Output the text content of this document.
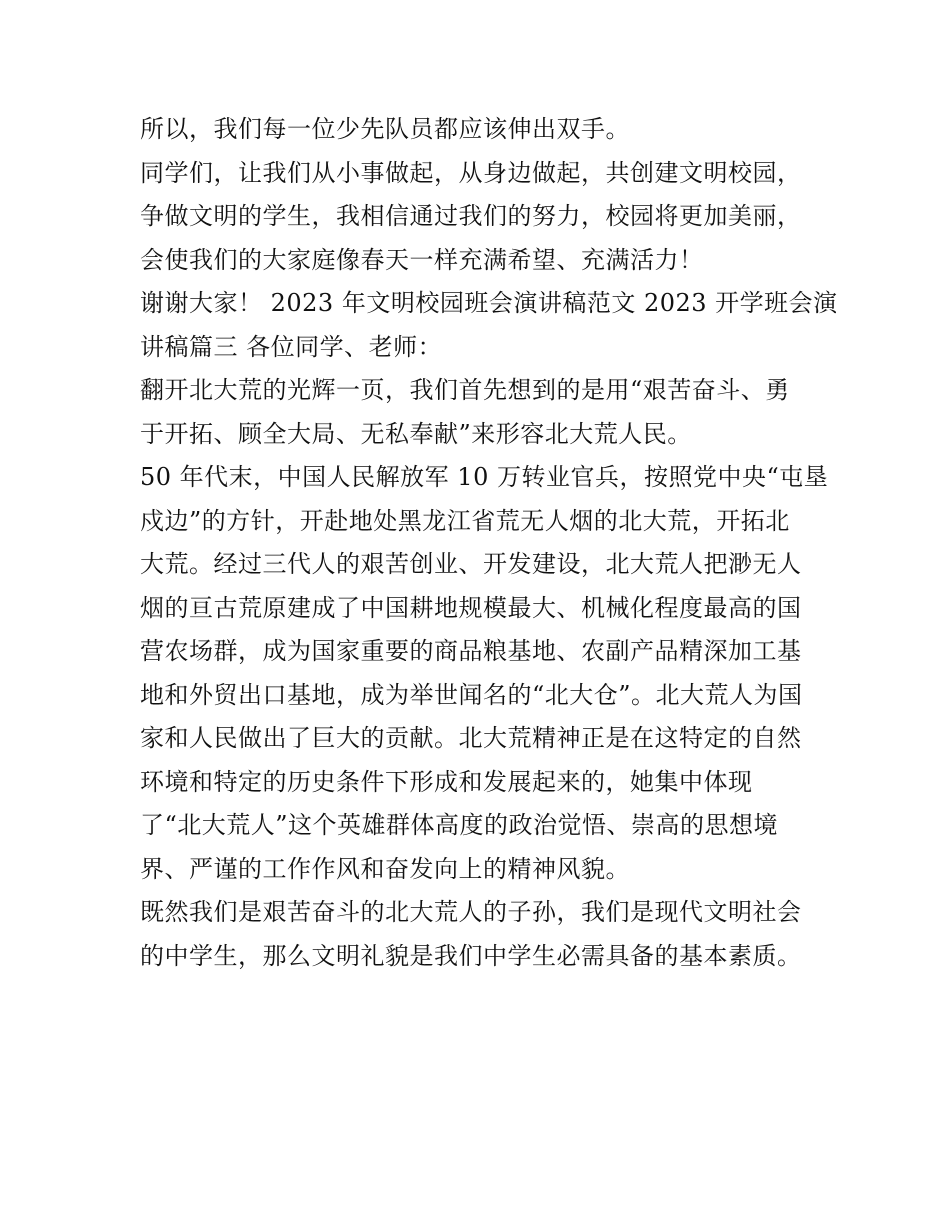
所以，我们每一位少先队员都应该伸出双手。
同学们，让我们从小事做起，从身边做起，共创建文明校园，
争做文明的学生，我相信通过我们的努力，校园将更加美丽，
会使我们的大家庭像春天一样充满希望、充满活力！
谢谢大家！ 2023 年文明校园班会演讲稿范文 2023 开学班会演
讲稿篇三 各位同学、老师：
翻开北大荒的光辉一页，我们首先想到的是用“艰苦奋斗、勇
于开拓、顾全大局、无私奉献”来形容北大荒人民。
50 年代末，中国人民解放军 10 万转业官兵，按照党中央“屯垦
戍边”的方针，开赴地处黑龙江省荒无人烟的北大荒，开拓北
大荒。经过三代人的艰苦创业、开发建设，北大荒人把渺无人
烟的亘古荒原建成了中国耕地规模最大、机械化程度最高的国
营农场群，成为国家重要的商品粮基地、农副产品精深加工基
地和外贸出口基地，成为举世闻名的“北大仓”。北大荒人为国
家和人民做出了巨大的贡献。北大荒精神正是在这特定的自然
环境和特定的历史条件下形成和发展起来的，她集中体现
了“北大荒人”这个英雄群体高度的政治觉悟、崇高的思想境
界、严谨的工作作风和奋发向上的精神风貌。
既然我们是艰苦奋斗的北大荒人的子孙，我们是现代文明社会
的中学生，那么文明礼貌是我们中学生必需具备的基本素质。
